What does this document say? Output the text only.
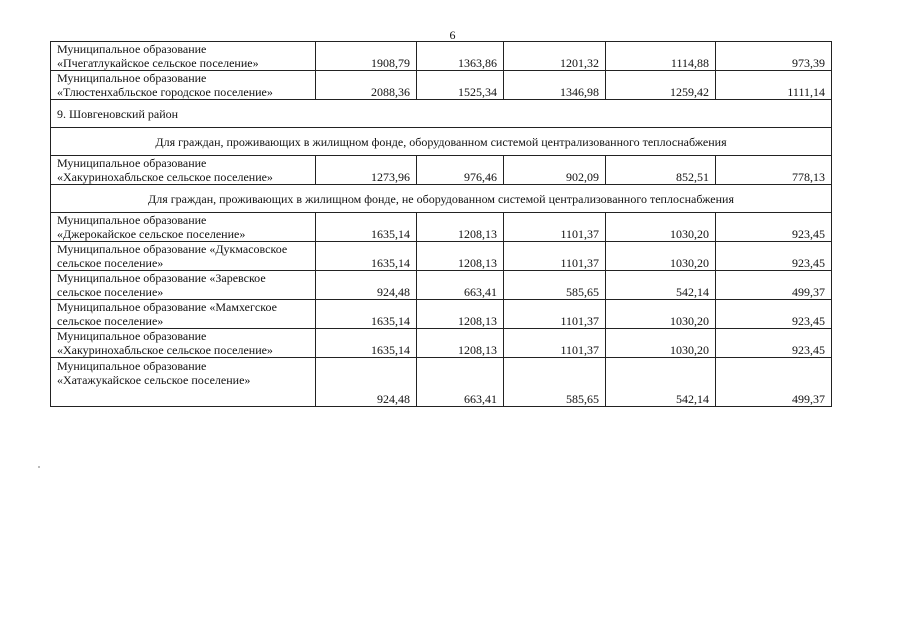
6
Муниципальное образование
«Пчегатлукайское сельское поселение»	1908,79	1363,86	1201,32	1114,88	973,39

Муниципальное образование
«Тлюстенхабльское городское поселение»	2088,36	1525,34	1346,98	1259,42	1111,14
9. Шовгеновский район					
Для граждан, проживающих в жилищном фонде, оборудованном системой централизованного теплоснабжения					

Муниципальное образование
«Хакуринохабльское сельское поселение»	1273,96	976,46	902,09	852,51	778,13
Для граждан, проживающих в жилищном фонде, не оборудованном системой централизованного теплоснабжения					

Муниципальное образование
«Джерокайское сельское поселение»	1635,14	1208,13	1101,37	1030,20	923,45

Муниципальное образование «Дукмасовское
сельское поселение»	1635,14	1208,13	1101,37	1030,20	923,45

Муниципальное образование «Заревское
сельское поселение»	924,48	663,41	585,65	542,14	499,37

Муниципальное образование «Мамхегское
сельское поселение»	1635,14	1208,13	1101,37	1030,20	923,45

Муниципальное образование
«Хакуринохабльское сельское поселение»	1635,14	1208,13	1101,37	1030,20	923,45

Муниципальное образование
«Хатажукайское сельское поселение»	924,48	663,41	585,65	542,14	499,37
